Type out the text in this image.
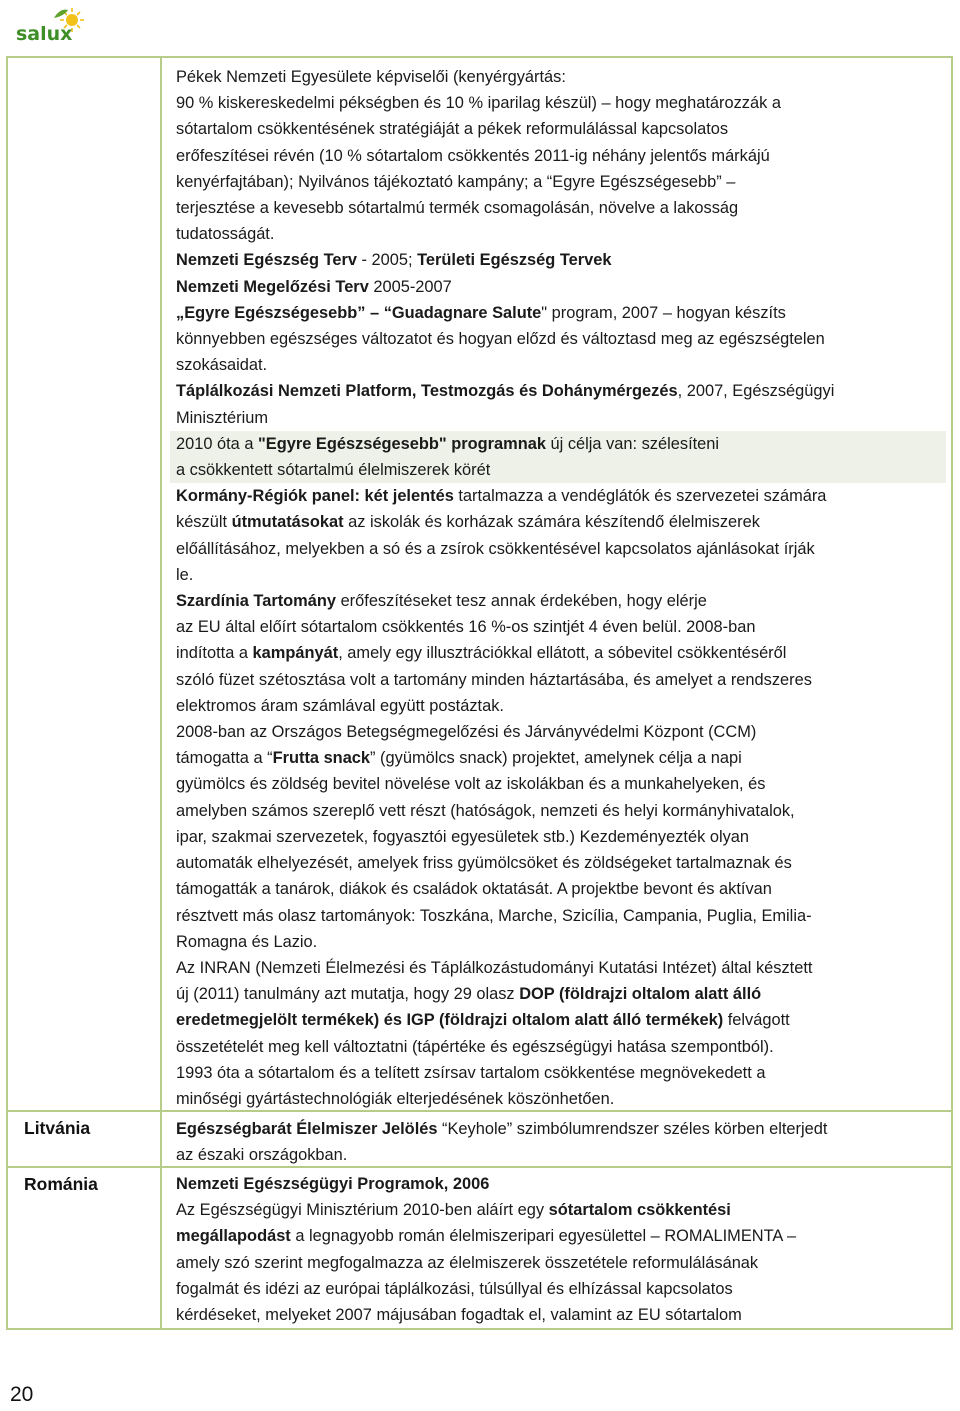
salux

Pékek Nemzeti Egyesülete képviselői (kenyérgyártás:
90 % kiskereskedelmi pékségben és 10 % iparilag készül) – hogy meghatározzák a
sótartalom csökkentésének stratégiáját a pékek reformulálással kapcsolatos
erőfeszítései révén (10 % sótartalom csökkentés 2011-ig néhány jelentős márkájú
kenyérfajtában); Nyilvános tájékoztató kampány; a “Egyre Egészségesebb” –
terjesztése a kevesebb sótartalmú termék csomagolásán, növelve a lakosság
tudatosságát.

Nemzeti Egészség Terv - 2005; Területi Egészség Tervek

Nemzeti Megelőzési Terv 2005-2007

„Egyre Egészségesebb” – “Guadagnare Salute" program, 2007 – hogyan készíts
könnyebben egészséges változatot és hogyan előzd és változtasd meg az egészségtelen
szokásaidat.

Táplálkozási Nemzeti Platform, Testmozgás és Dohánymérgezés, 2007, Egészségügyi
Minisztérium

2010 óta a "Egyre Egészségesebb" programnak új célja van: szélesíteni
a csökkentett sótartalmú élelmiszerek körét

Kormány-Régiók panel: két jelentés tartalmazza a vendéglátók és szervezetei számára
készült útmutatásokat az iskolák és korházak számára készítendő élelmiszerek
előállításához, melyekben a só és a zsírok csökkentésével kapcsolatos ajánlásokat írják
le.

Szardínia Tartomány erőfeszítéseket tesz annak érdekében, hogy elérje
az EU által előírt sótartalom csökkentés 16 %-os szintjét 4 éven belül. 2008-ban
indította a kampányát, amely egy illusztrációkkal ellátott, a sóbevitel csökkentéséről
szóló füzet szétosztása volt a tartomány minden háztartásába, és amelyet a rendszeres
elektromos áram számlával együtt postáztak.

2008-ban az Országos Betegségmegelőzési és Járványvédelmi Központ (CCM)
támogatta a “Frutta snack” (gyümölcs snack) projektet, amelynek célja a napi
gyümölcs és zöldség bevitel növelése volt az iskolákban és a munkahelyeken, és
amelyben számos szereplő vett részt (hatóságok, nemzeti és helyi kormányhivatalok,
ipar, szakmai szervezetek, fogyasztói egyesületek stb.) Kezdeményezték olyan
automaták elhelyezését, amelyek friss gyümölcsöket és zöldségeket tartalmaznak és
támogatták a tanárok, diákok és családok oktatását. A projektbe bevont és aktívan
résztvett más olasz tartományok: Toszkána, Marche, Szicília, Campania, Puglia, Emilia-
Romagna és Lazio.

Az INRAN (Nemzeti Élelmezési és Táplálkozástudományi Kutatási Intézet) által késztett
új (2011) tanulmány azt mutatja, hogy 29 olasz DOP (földrajzi oltalom alatt álló
eredetmegjelölt termékek) és IGP (földrajzi oltalom alatt álló termékek) felvágott
összetételét meg kell változtatni (tápértéke és egészségügyi hatása szempontból).
1993 óta a sótartalom és a telített zsírsav tartalom csökkentése megnövekedett a
minőségi gyártástechnológiák elterjedésének köszönhetően.

Litvánia	Egészségbarát Élelmiszer Jelölés “Keyhole” szimbólumrendszer széles körben elterjedt
az északi országokban.

Románia	Nemzeti Egészségügyi Programok, 2006
Az Egészségügyi Minisztérium 2010-ben aláírt egy sótartalom csökkentési
megállapodást a legnagyobb román élelmiszeripari egyesülettel – ROMALIMENTA –
amely szó szerint megfogalmazza az élelmiszerek összetétele reformulálásának
fogalmát és idézi az európai táplálkozási, túlsúllyal és elhízással kapcsolatos
kérdéseket, melyeket 2007 májusában fogadtak el, valamint az EU sótartalom

20
